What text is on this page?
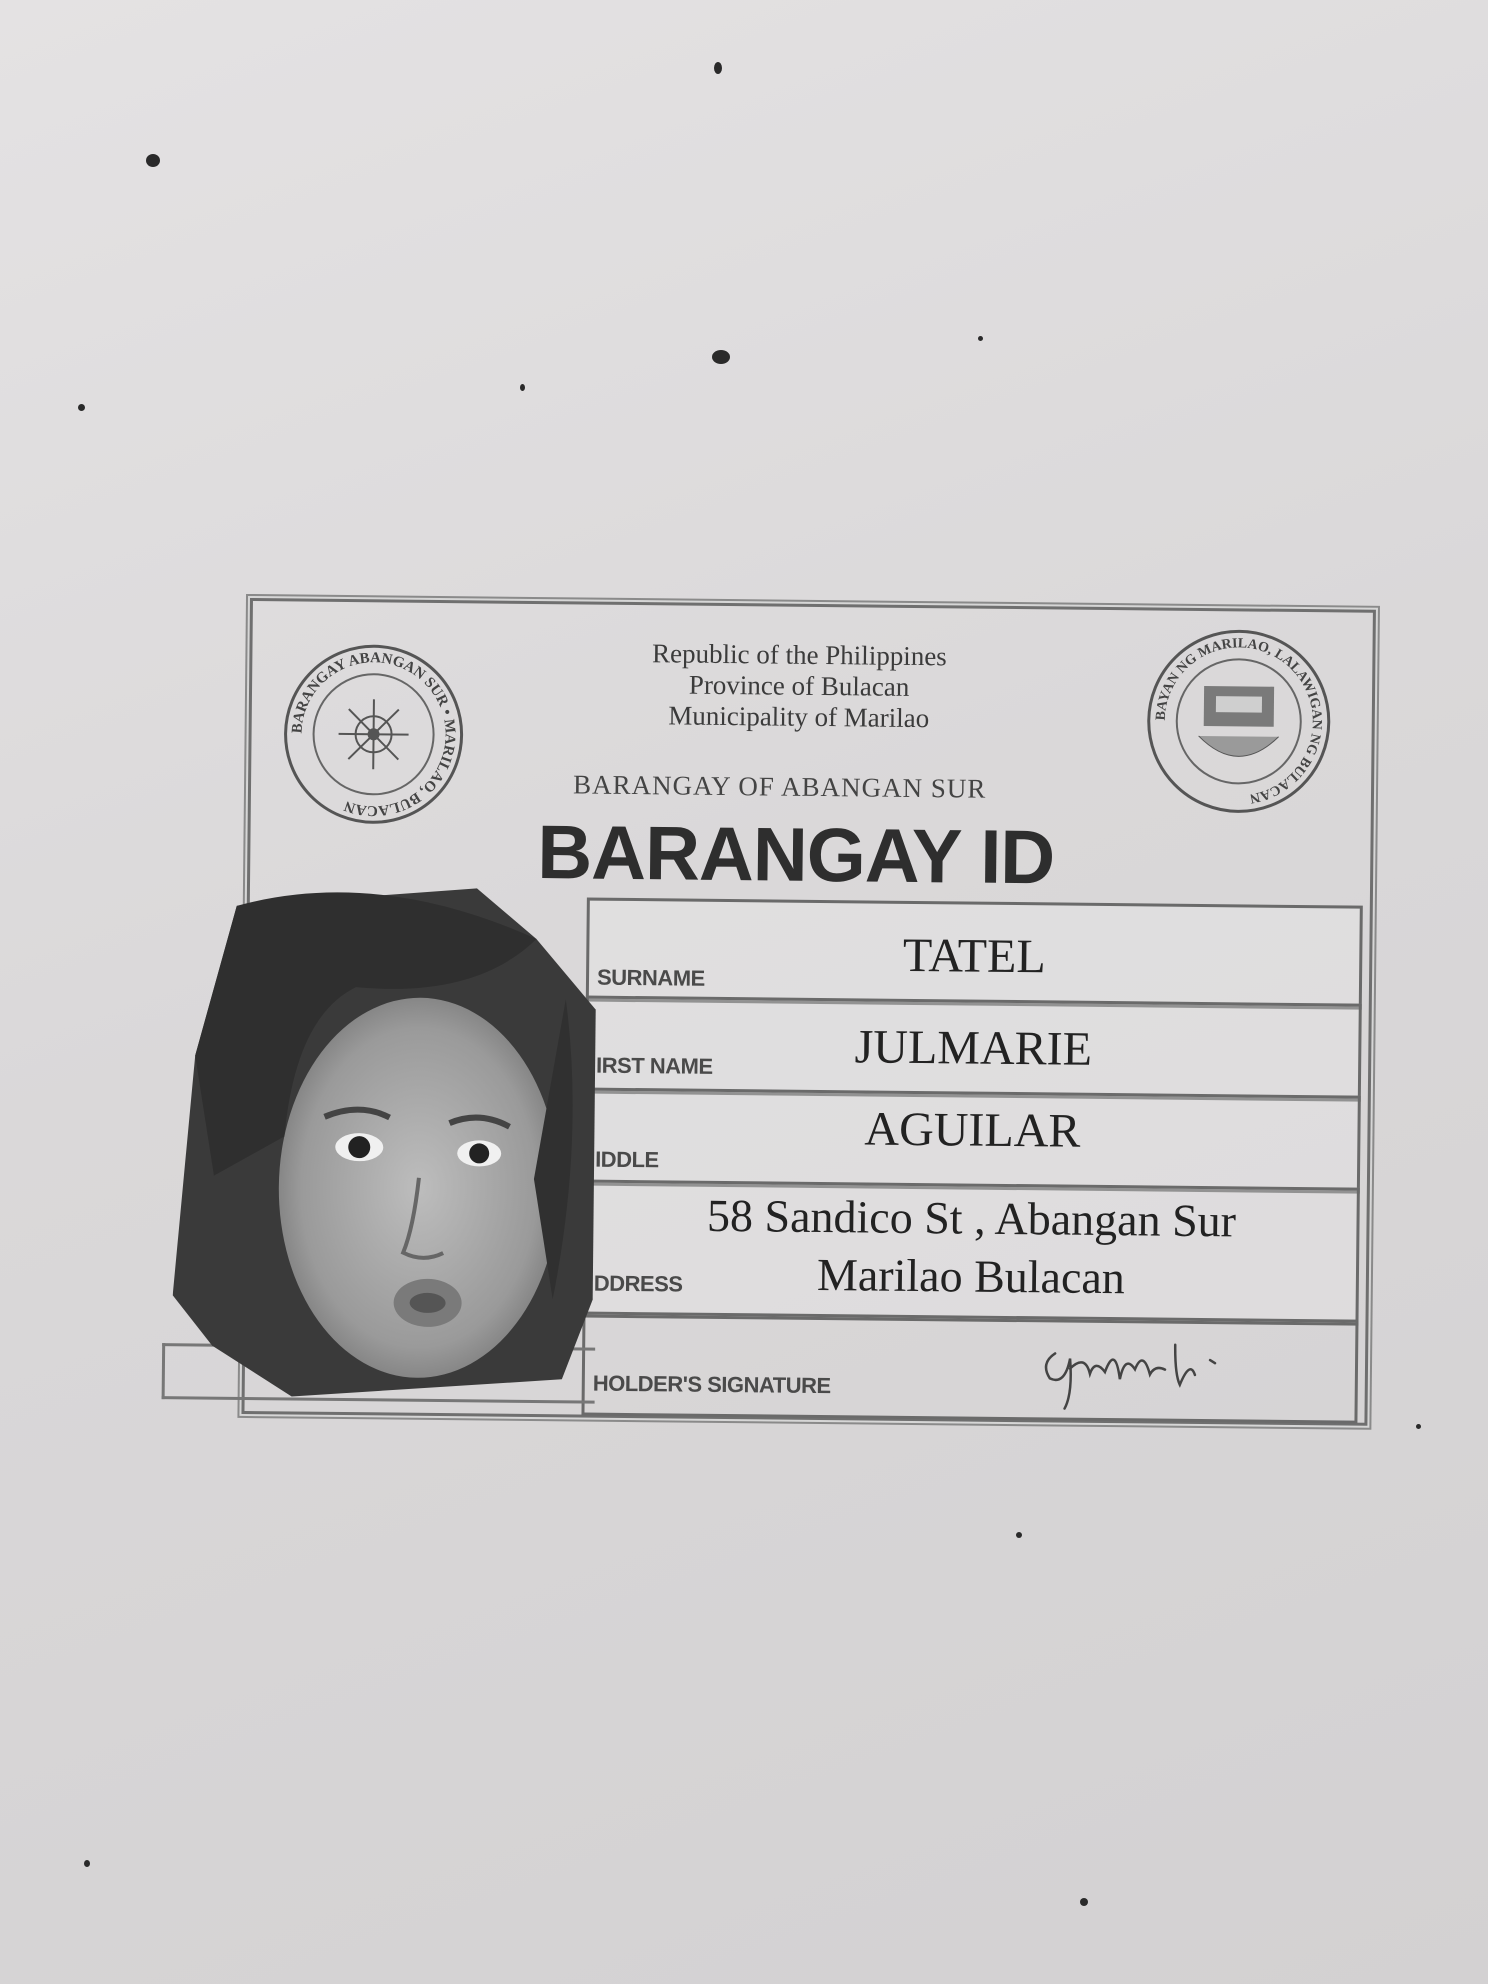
BARANGAY ABANGAN SUR • MARILAO, BULACAN
BAYAN NG MARILAO, LALAWIGAN NG BULACAN
Republic of the Philippines
Province of Bulacan
Municipality of Marilao
BARANGAY OF ABANGAN SUR
BARANGAY ID
SURNAME	TATEL
IRST NAME	JULMARIE
IDDLE
AGUILAR
DDRESS
58 Sandico St , Abangan Sur
Marilao Bulacan
HOLDER'S SIGNATURE
